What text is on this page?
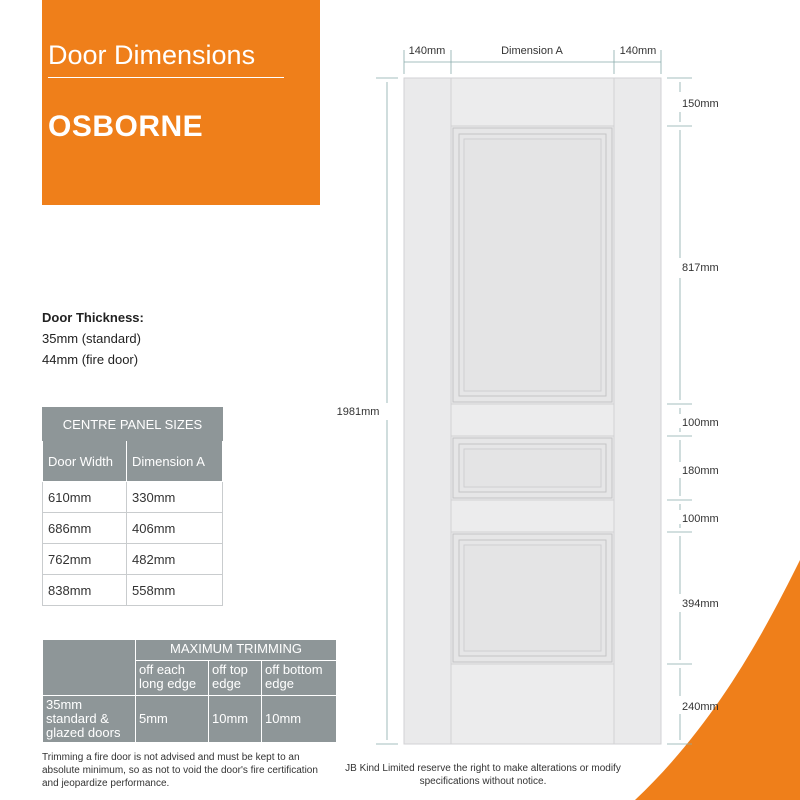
Door Dimensions
OSBORNE
Door Thickness:
35mm (standard)
44mm (fire door)
CENTRE PANEL SIZES	
Door Width	Dimension A
610mm	330mm
686mm	406mm
762mm	482mm
838mm	558mm
	MAXIMUM TRIMMING		
	off each long edge	off top edge	off bottom edge
35mm standard & glazed doors	5mm	10mm	10mm
Trimming a fire door is not advised and must be kept to an absolute minimum, so as not to void the door's fire certification and jeopardize performance.
JB Kind Limited reserve the right to make alterations or modify specifications without notice.
140mm	Dimension A	140mm
1981mm
150mm
817mm
100mm
180mm
100mm
394mm
240mm
